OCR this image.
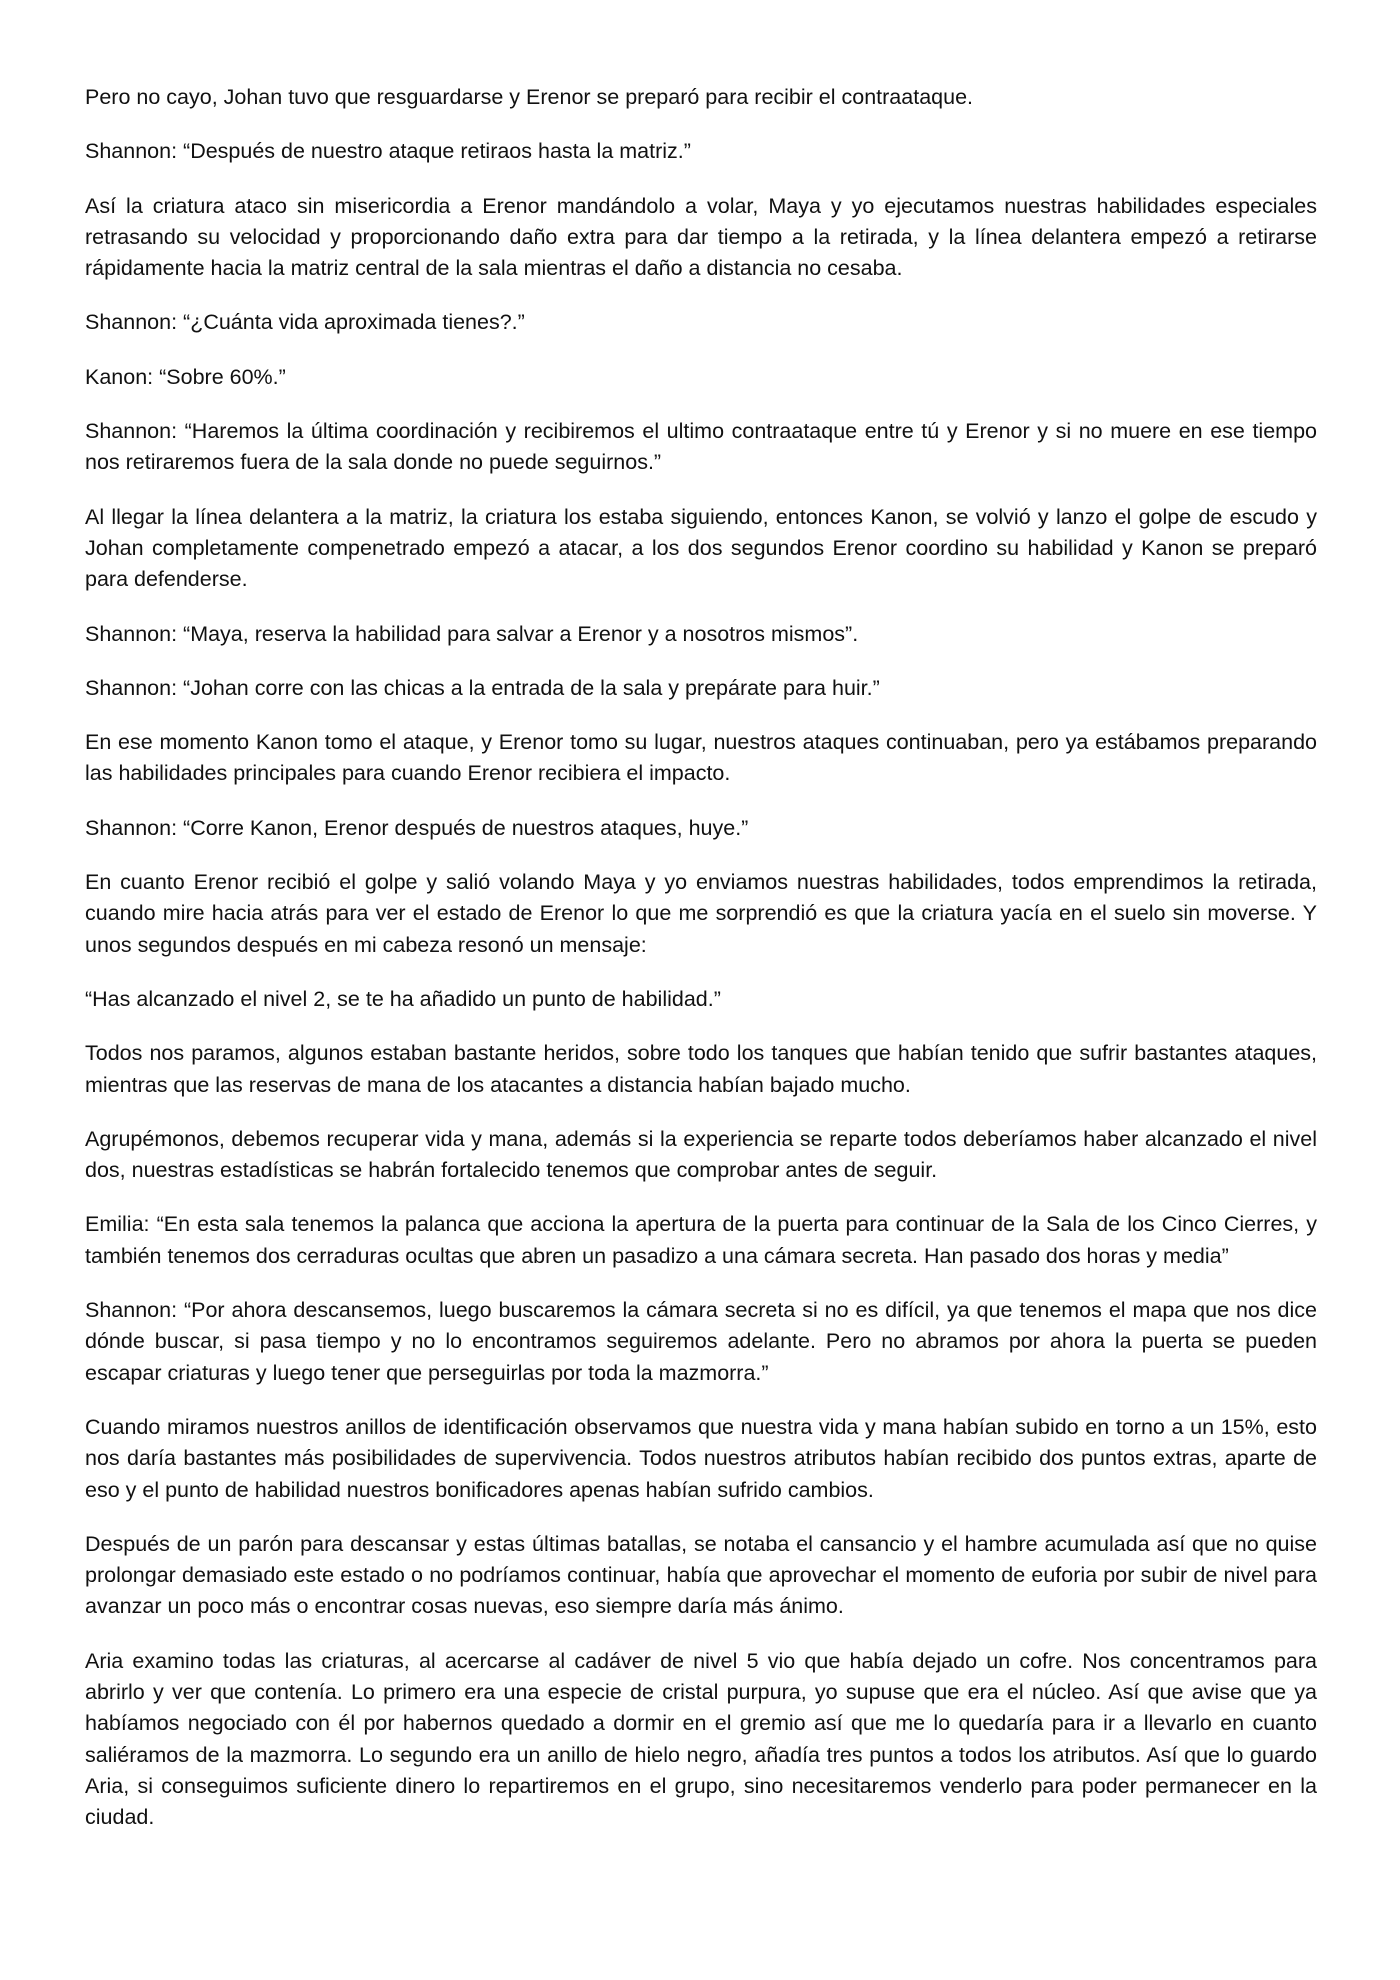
Pero no cayo, Johan tuvo que resguardarse y Erenor se preparó para recibir el contraataque.

Shannon: “Después de nuestro ataque retiraos hasta la matriz.”

Así la criatura ataco sin misericordia a Erenor mandándolo a volar, Maya y yo ejecutamos nuestras habilidades especiales retrasando su velocidad y proporcionando daño extra para dar tiempo a la retirada, y la línea delantera empezó a retirarse rápidamente hacia la matriz central de la sala mientras el daño a distancia no cesaba.

Shannon: “¿Cuánta vida aproximada tienes?.”

Kanon: “Sobre 60%.”

Shannon: “Haremos la última coordinación y recibiremos el ultimo contraataque entre tú y Erenor y si no muere en ese tiempo nos retiraremos fuera de la sala donde no puede seguirnos.”

Al llegar la línea delantera a la matriz, la criatura los estaba siguiendo, entonces Kanon, se volvió y lanzo el golpe de escudo y Johan completamente compenetrado empezó a atacar, a los dos segundos Erenor coordino su habilidad y Kanon se preparó para defenderse.

Shannon: “Maya, reserva la habilidad para salvar a Erenor y a nosotros mismos”.

Shannon: “Johan corre con las chicas a la entrada de la sala y prepárate para huir.”

En ese momento Kanon tomo el ataque, y Erenor tomo su lugar, nuestros ataques continuaban, pero ya estábamos preparando las habilidades principales para cuando Erenor recibiera el impacto.

Shannon: “Corre Kanon, Erenor después de nuestros ataques, huye.”

En cuanto Erenor recibió el golpe y salió volando Maya y yo enviamos nuestras habilidades, todos emprendimos la retirada, cuando mire hacia atrás para ver el estado de Erenor lo que me sorprendió es que la criatura yacía en el suelo sin moverse. Y unos segundos después en mi cabeza resonó un mensaje:

“Has alcanzado el nivel 2, se te ha añadido un punto de habilidad.”

Todos nos paramos, algunos estaban bastante heridos, sobre todo los tanques que habían tenido que sufrir bastantes ataques, mientras que las reservas de mana de los atacantes a distancia habían bajado mucho.

Agrupémonos, debemos recuperar vida y mana, además si la experiencia se reparte todos deberíamos haber alcanzado el nivel dos, nuestras estadísticas se habrán fortalecido tenemos que comprobar antes de seguir.

Emilia: “En esta sala tenemos la palanca que acciona la apertura de la puerta para continuar de la Sala de los Cinco Cierres, y también tenemos dos cerraduras ocultas que abren un pasadizo a una cámara secreta. Han pasado dos horas y media”

Shannon: “Por ahora descansemos, luego buscaremos la cámara secreta si no es difícil, ya que tenemos el mapa que nos dice dónde buscar, si pasa tiempo y no lo encontramos seguiremos adelante. Pero no abramos por ahora la puerta se pueden escapar criaturas y luego tener que perseguirlas por toda la mazmorra.”

Cuando miramos nuestros anillos de identificación observamos que nuestra vida y mana habían subido en torno a un 15%, esto nos daría bastantes más posibilidades de supervivencia. Todos nuestros atributos habían recibido dos puntos extras, aparte de eso y el punto de habilidad nuestros bonificadores apenas habían sufrido cambios.

Después de un parón para descansar y estas últimas batallas, se notaba el cansancio y el hambre acumulada así que no quise prolongar demasiado este estado o no podríamos continuar, había que aprovechar el momento de euforia por subir de nivel para avanzar un poco más o encontrar cosas nuevas, eso siempre daría más ánimo.

Aria examino todas las criaturas, al acercarse al cadáver de nivel 5 vio que había dejado un cofre. Nos concentramos para abrirlo y ver que contenía. Lo primero era una especie de cristal purpura, yo supuse que era el núcleo. Así que avise que ya habíamos negociado con él por habernos quedado a dormir en el gremio así que me lo quedaría para ir a llevarlo en cuanto saliéramos de la mazmorra. Lo segundo era un anillo de hielo negro, añadía tres puntos a todos los atributos. Así que lo guardo Aria, si conseguimos suficiente dinero lo repartiremos en el grupo, sino necesitaremos venderlo para poder permanecer en la ciudad.
